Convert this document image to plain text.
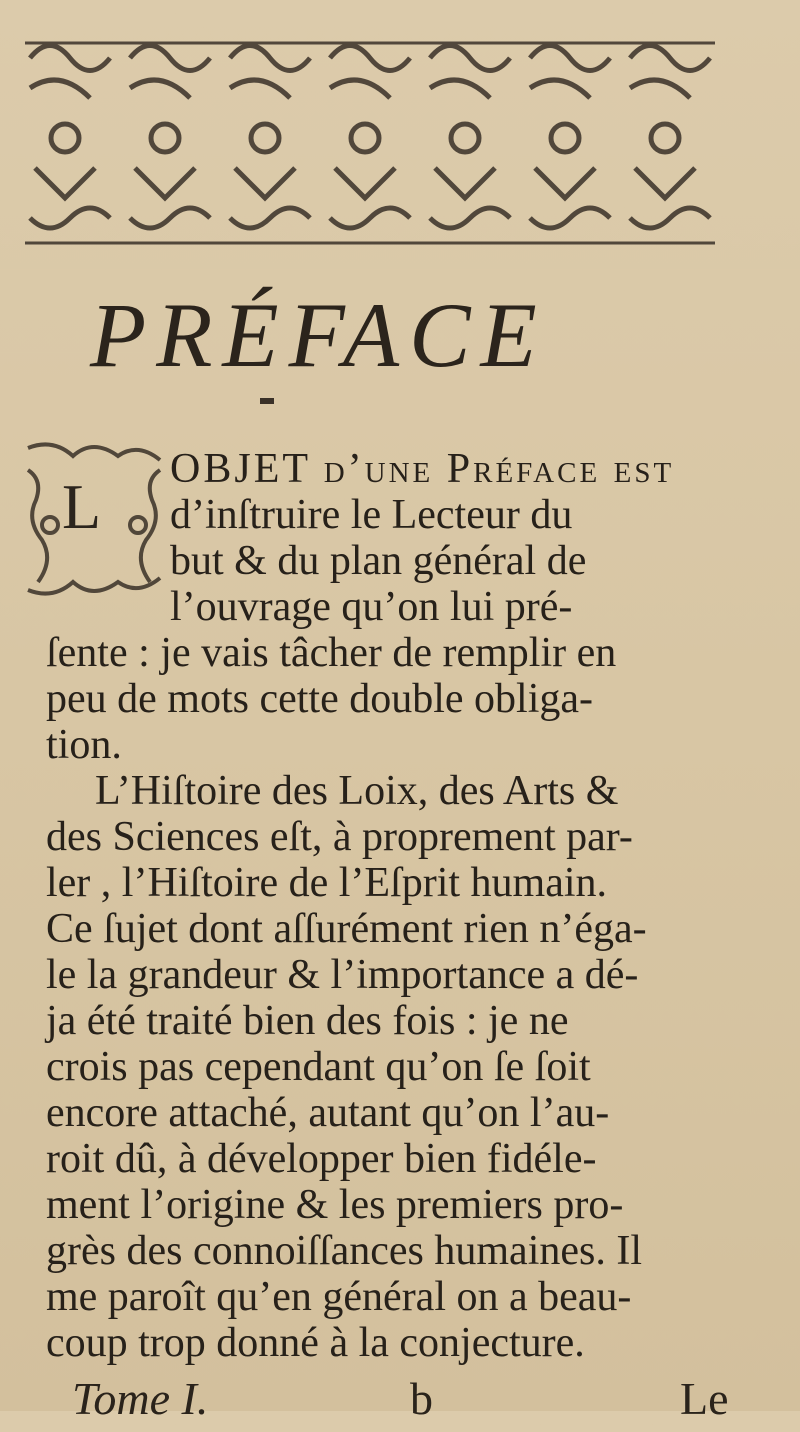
PRÉFACE
L
OBJET d’une Préface eſt
d’inſtruire le Lecteur du
but & du plan général de
l’ouvrage qu’on lui pré-
ſente : je vais tâcher de remplir en
peu de mots cette double obliga-
tion.
L’Hiſtoire des Loix, des Arts &
des Sciences eſt, à proprement par-
ler , l’Hiſtoire de l’Eſprit humain.
Ce ſujet dont aſſurément rien n’éga-
le la grandeur & l’importance a dé-
ja été traité bien des fois : je ne
crois pas cependant qu’on ſe ſoit
encore attaché, autant qu’on l’au-
roit dû, à développer bien fidéle-
ment l’origine & les premiers pro-
grès des connoiſſances humaines. Il
me paroît qu’en général on a beau-
coup trop donné à la conjecture.
Tome I.	b	Le
